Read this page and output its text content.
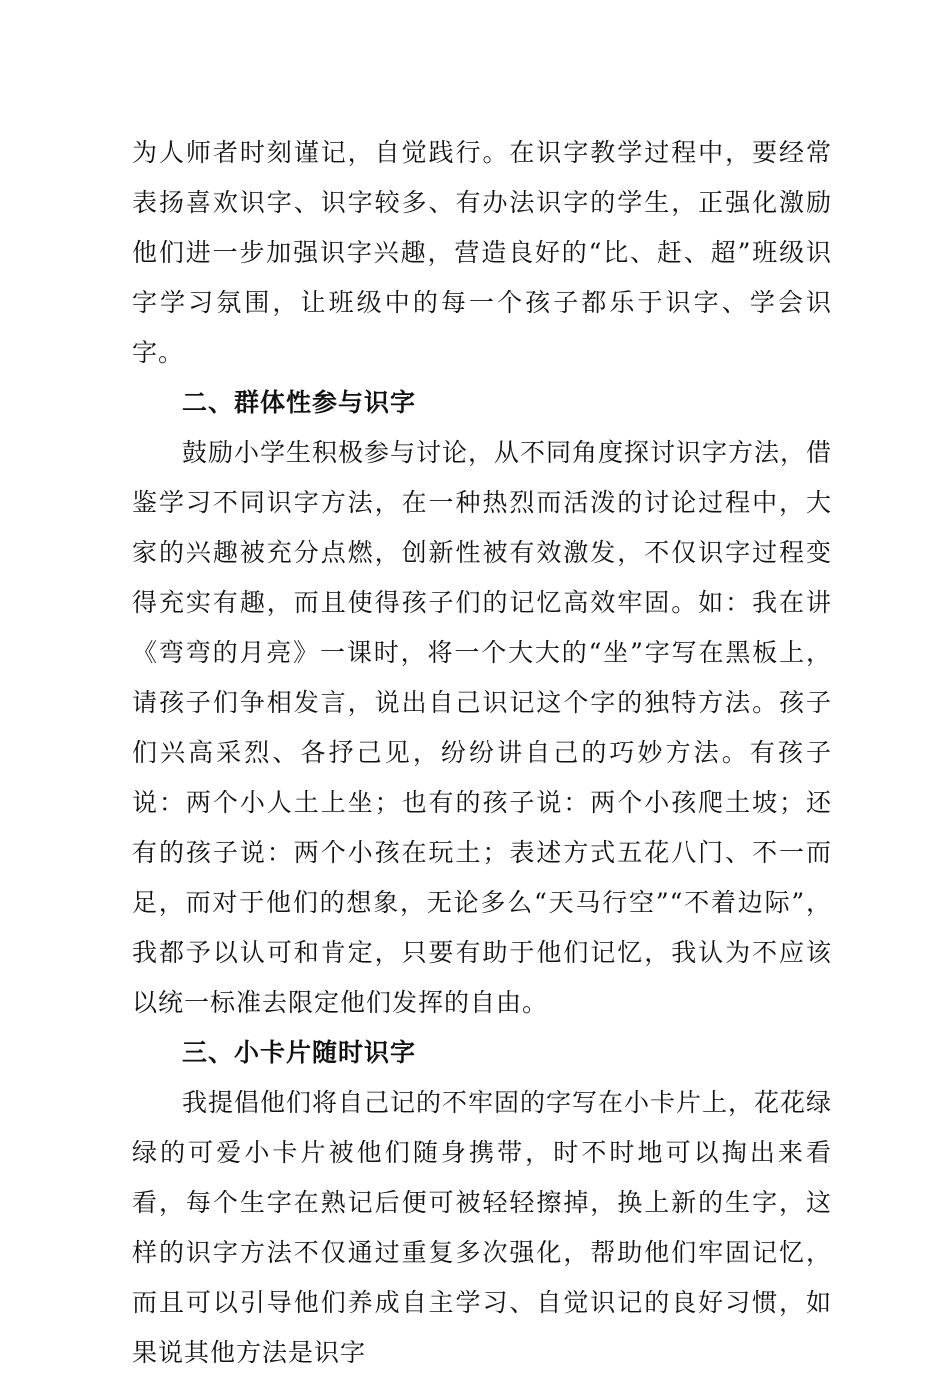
为人师者时刻谨记，自觉践行。在识字教学过程中，要经常表扬喜欢识字、识字较多、有办法识字的学生，正强化激励他们进一步加强识字兴趣，营造良好的“比、赶、超”班级识字学习氛围，让班级中的每一个孩子都乐于识字、学会识字。

二、群体性参与识字

鼓励小学生积极参与讨论，从不同角度探讨识字方法，借鉴学习不同识字方法，在一种热烈而活泼的讨论过程中，大家的兴趣被充分点燃，创新性被有效激发，不仅识字过程变得充实有趣，而且使得孩子们的记忆高效牢固。如：我在讲《弯弯的月亮》一课时，将一个大大的“坐”字写在黑板上，请孩子们争相发言，说出自己识记这个字的独特方法。孩子们兴高采烈、各抒己见，纷纷讲自己的巧妙方法。有孩子说：两个小人土上坐；也有的孩子说：两个小孩爬土坡；还有的孩子说：两个小孩在玩土；表述方式五花八门、不一而足，而对于他们的想象，无论多么“天马行空”“不着边际”，我都予以认可和肯定，只要有助于他们记忆，我认为不应该以统一标准去限定他们发挥的自由。

三、小卡片随时识字

我提倡他们将自己记的不牢固的字写在小卡片上，花花绿绿的可爱小卡片被他们随身携带，时不时地可以掏出来看看，每个生字在熟记后便可被轻轻擦掉，换上新的生字，这样的识字方法不仅通过重复多次强化，帮助他们牢固记忆，而且可以引导他们养成自主学习、自觉识记的良好习惯，如果说其他方法是识字
